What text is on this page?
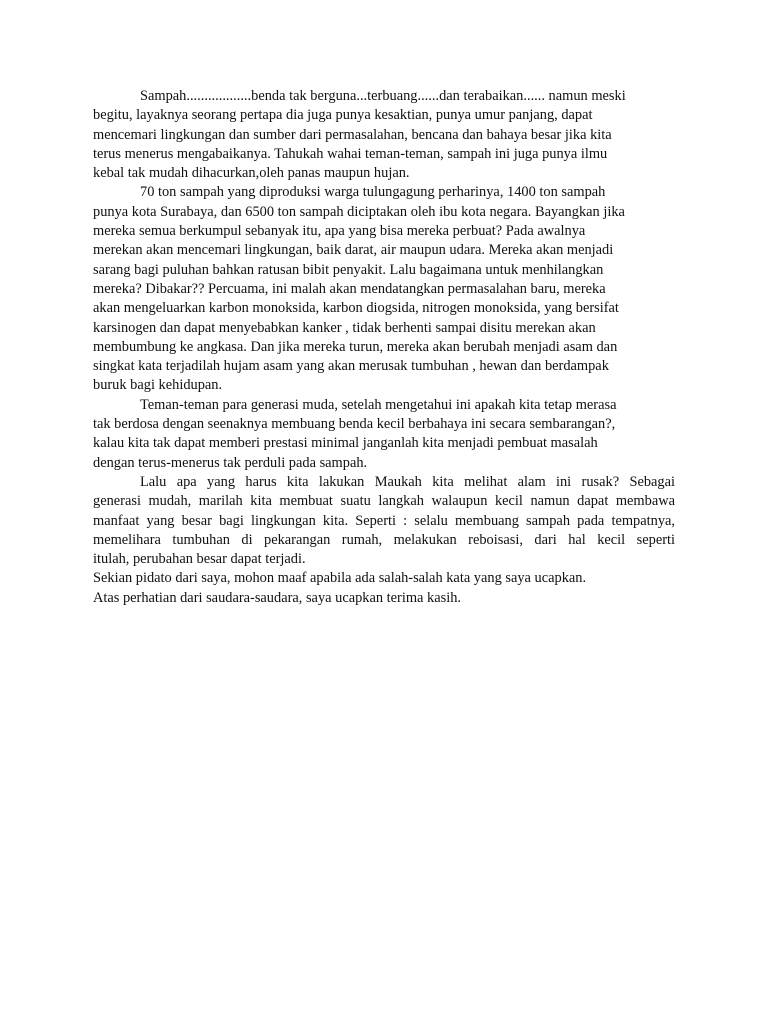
Sampah..................benda tak berguna...terbuang......dan terabaikan...... namun meski
begitu, layaknya seorang pertapa dia juga punya kesaktian, punya umur panjang, dapat
mencemari lingkungan dan sumber dari permasalahan, bencana dan bahaya besar jika kita
terus menerus mengabaikanya. Tahukah wahai teman-teman, sampah ini juga punya ilmu
kebal tak mudah dihacurkan,oleh panas maupun hujan.
70 ton sampah yang diproduksi warga tulungagung perharinya, 1400 ton sampah
punya kota Surabaya, dan 6500 ton sampah diciptakan oleh ibu kota negara. Bayangkan jika
mereka semua berkumpul sebanyak itu, apa yang bisa mereka perbuat? Pada awalnya
merekan akan mencemari lingkungan, baik darat, air maupun udara. Mereka akan menjadi
sarang bagi puluhan bahkan ratusan bibit penyakit. Lalu bagaimana untuk menhilangkan
mereka? Dibakar?? Percuama, ini malah akan mendatangkan permasalahan baru, mereka
akan mengeluarkan karbon monoksida, karbon diogsida, nitrogen monoksida, yang bersifat
karsinogen dan dapat menyebabkan kanker , tidak berhenti sampai disitu merekan akan
membumbung ke angkasa. Dan jika mereka turun, mereka akan berubah menjadi asam dan
singkat kata terjadilah hujam asam yang akan merusak tumbuhan , hewan dan berdampak
buruk bagi kehidupan.
Teman-teman para generasi muda, setelah mengetahui ini apakah kita tetap merasa
tak berdosa dengan seenaknya membuang benda kecil berbahaya ini secara sembarangan?,
kalau kita tak dapat memberi prestasi minimal janganlah kita menjadi pembuat masalah
dengan terus-menerus tak perduli pada sampah.
Lalu apa yang harus kita lakukan Maukah kita melihat alam ini rusak? Sebagai
generasi mudah, marilah kita membuat suatu langkah walaupun kecil namun dapat membawa
manfaat yang besar bagi lingkungan kita. Seperti : selalu membuang sampah pada tempatnya,
memelihara tumbuhan di pekarangan rumah, melakukan reboisasi, dari hal kecil seperti
itulah, perubahan besar dapat terjadi.
Sekian pidato dari saya, mohon maaf apabila ada salah-salah kata yang saya ucapkan.
Atas perhatian dari saudara-saudara, saya ucapkan terima kasih.
